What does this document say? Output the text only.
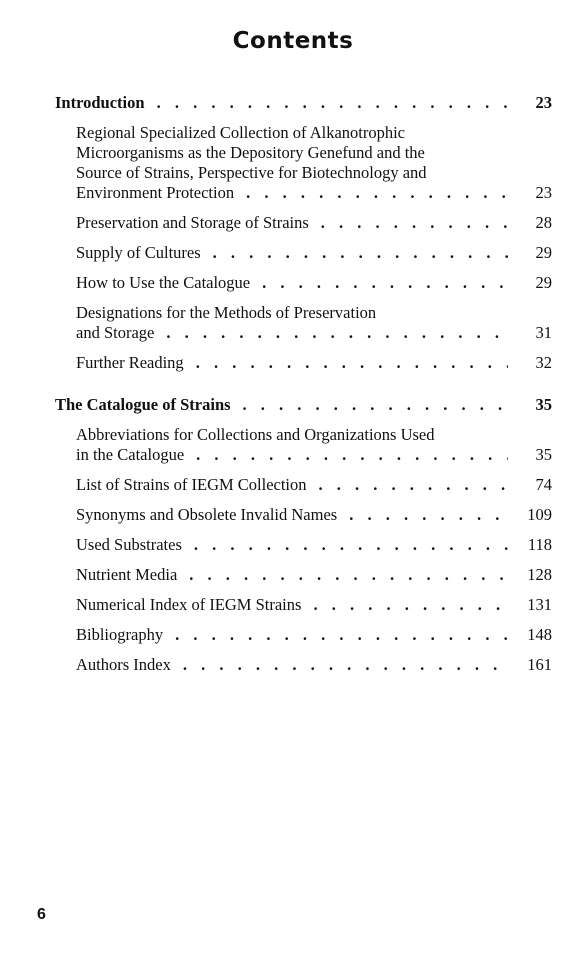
Contents
Introduction . . .	23
Regional Specialized Collection of Alkanotrophic
Microorganisms as the Depository Genefund and the
Source of Strains, Perspective for Biotechnology and
Environment Protection . . .	23
Preservation and Storage of Strains . . .	28
Supply of Cultures . . .	29
How to Use the Catalogue . . .	29
Designations for the Methods of Preservation
and Storage . . .	31
Further Reading . . .	32
The Catalogue of Strains . . .	35
Abbreviations for Collections and Organizations Used
in the Catalogue . . .	35
List of Strains of IEGM Collection . . .	74
Synonyms and Obsolete Invalid Names . . .	109
Used Substrates . . .	118
Nutrient Media . . .	128
Numerical Index of IEGM Strains . . .	131
Bibliography . . .	148
Authors Index . . .	161

6
